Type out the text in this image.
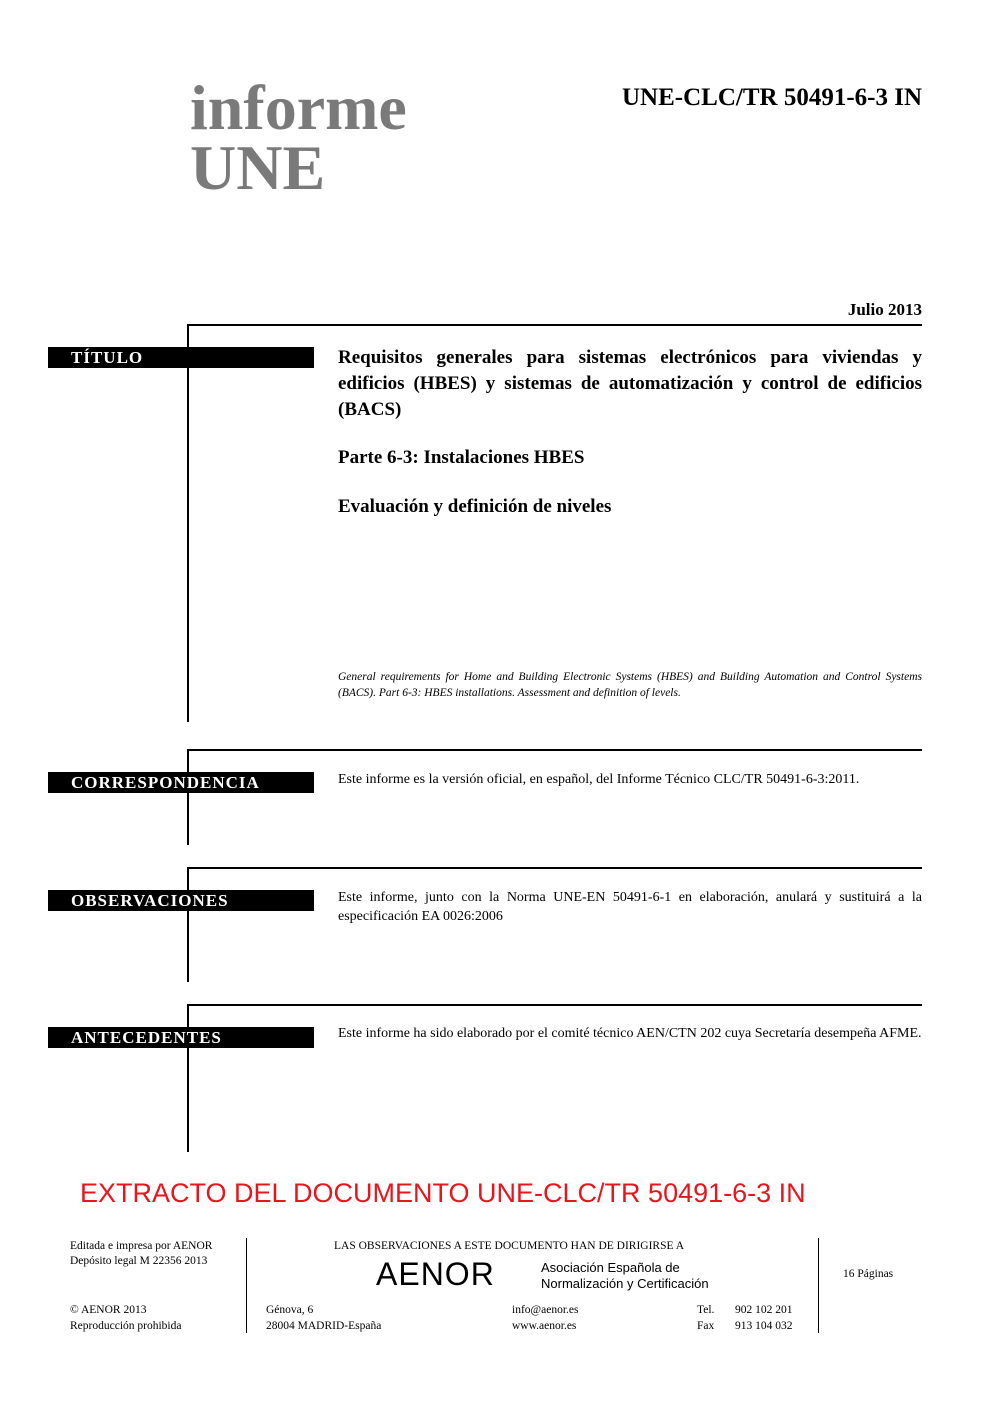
informe
UNE
UNE-CLC/TR 50491-6-3 IN
Julio 2013
TÍTULO	Requisitos generales para sistemas electrónicos para viviendas y edificios (HBES) y sistemas de automatización y control de edificios (BACS)
Parte 6-3: Instalaciones HBES
Evaluación y definición de niveles
General requirements for Home and Building Electronic Systems (HBES) and Building Automation and Control Systems (BACS). Part 6-3: HBES installations. Assessment and definition of levels.
CORRESPONDENCIA	Este informe es la versión oficial, en español, del Informe Técnico CLC/TR 50491-6-3:2011.
OBSERVACIONES	Este informe, junto con la Norma UNE-EN 50491-6-1 en elaboración, anulará y sustituirá a la especificación EA 0026:2006
ANTECEDENTES	Este informe ha sido elaborado por el comité técnico AEN/CTN 202 cuya Secretaría desempeña AFME.
EXTRACTO DEL DOCUMENTO UNE-CLC/TR 50491-6-3 IN
Editada e impresa por AENOR
Depósito legal M 22356 2013
© AENOR 2013
Reproducción prohibida
LAS OBSERVACIONES A ESTE DOCUMENTO HAN DE DIRIGIRSE A
AENOR	Asociación Española de
Normalización y Certificación
Génova, 6
28004 MADRID-España
info@aenor.es
www.aenor.es
Tel. 902 102 201
Fax 913 104 032
16 Páginas
